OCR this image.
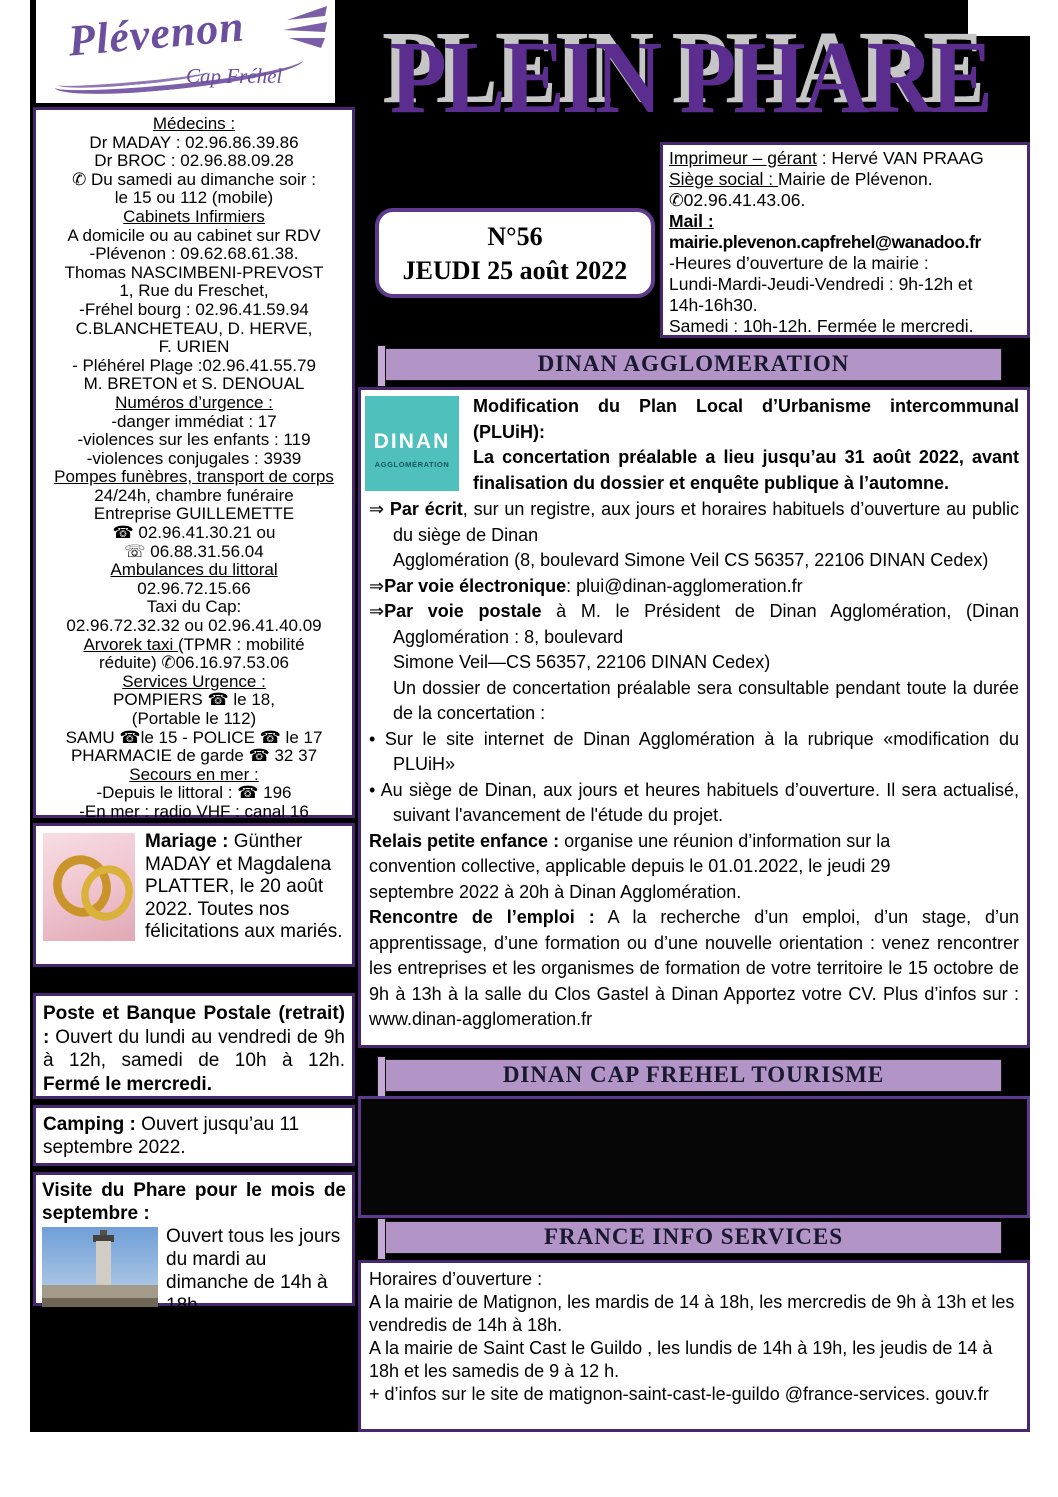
Plévenon
Cap Fréhel
Médecins :
Dr MADAY : 02.96.86.39.86
Dr BROC : 02.96.88.09.28
✆ Du samedi au dimanche soir :
le 15 ou 112 (mobile)
Cabinets Infirmiers
A domicile ou au cabinet sur RDV
-Plévenon : 09.62.68.61.38.
Thomas NASCIMBENI-PREVOST
1, Rue du Freschet,
-Fréhel bourg : 02.96.41.59.94
C.BLANCHETEAU, D. HERVE,
F. URIEN
- Pléhérel Plage :02.96.41.55.79
M. BRETON et S. DENOUAL
Numéros d’urgence :
-danger immédiat : 17
-violences sur les enfants : 119
-violences conjugales : 3939
Pompes funèbres, transport de corps
24/24h, chambre funéraire
Entreprise GUILLEMETTE
☎ 02.96.41.30.21 ou
☏ 06.88.31.56.04
Ambulances du littoral
02.96.72.15.66
Taxi du Cap:
02.96.72.32.32 ou 02.96.41.40.09
Arvorek taxi (TPMR : mobilité
réduite) ✆06.16.97.53.06
Services Urgence :
POMPIERS ☎ le 18,
(Portable le 112)
SAMU ☎le 15 - POLICE ☎ le 17
PHARMACIE de garde ☎ 32 37
Secours en mer :
-Depuis le littoral : ☎ 196
-En mer : radio VHF : canal 16
Mariage : Günther MADAY et Magdalena PLATTER, le 20 août 2022. Toutes nos félicitations aux mariés.
Poste et Banque Postale (retrait) : Ouvert du lundi au vendredi de 9h à 12h, samedi de 10h à 12h. Fermé le mercredi.
Camping : Ouvert jusqu’au 11 septembre 2022.
Visite du Phare pour le mois de septembre :
Ouvert tous les jours du mardi au dimanche de 14h à 18h
PLEIN PHARE
Imprimeur – gérant : Hervé VAN PRAAG
Siège social : Mairie de Plévenon.
✆02.96.41.43.06.
Mail :
mairie.plevenon.capfrehel@wanadoo.fr
-Heures d’ouverture de la mairie :
Lundi-Mardi-Jeudi-Vendredi : 9h-12h et
14h-16h30.
Samedi : 10h-12h. Fermée le mercredi.
N°56
JEUDI 25 août 2022
DINAN AGGLOMERATION
DINAN
AGGLOMÉRATION
Modification du Plan Local d’Urbanisme intercommunal (PLUiH):
La concertation préalable a lieu jusqu’au 31 août 2022, avant finalisation du dossier et enquête publique à l’automne.
⇒ Par écrit, sur un registre, aux jours et horaires habituels d’ouverture au public du siège de Dinan
Agglomération (8, boulevard Simone Veil CS 56357, 22106 DINAN Cedex)
⇒Par voie électronique: plui@dinan-agglomeration.fr
⇒Par voie postale à M. le Président de Dinan Agglomération, (Dinan Agglomération : 8, boulevard
Simone Veil—CS 56357, 22106 DINAN Cedex)
Un dossier de concertation préalable sera consultable pendant toute la durée de la concertation :
• Sur le site internet de Dinan Agglomération à la rubrique «modification du PLUiH»
• Au siège de Dinan, aux jours et heures habituels d’ouverture. Il sera actualisé, suivant l'avancement de l'étude du projet.
Relais petite enfance : organise une réunion d’information sur la
convention collective, applicable depuis le 01.01.2022, le jeudi 29
septembre 2022 à 20h à Dinan Agglomération.
Rencontre de l’emploi : A la recherche d’un emploi, d’un stage, d’un apprentissage, d’une formation ou d’une nouvelle orientation : venez rencontrer les entreprises et les organismes de formation de votre territoire le 15 octobre de 9h à 13h à la salle du Clos Gastel à Dinan Apportez votre CV. Plus d’infos sur : www.dinan-agglomeration.fr
DINAN CAP FREHEL TOURISME
FRANCE INFO SERVICES
Horaires d’ouverture :
A la mairie de Matignon, les mardis de 14 à 18h, les mercredis de 9h à 13h et les vendredis de 14h à 18h.
A la mairie de Saint Cast le Guildo , les lundis de 14h à 19h, les jeudis de 14 à 18h et les samedis de 9 à 12 h.
+ d’infos sur le site de matignon-saint-cast-le-guildo @france-services. gouv.fr
